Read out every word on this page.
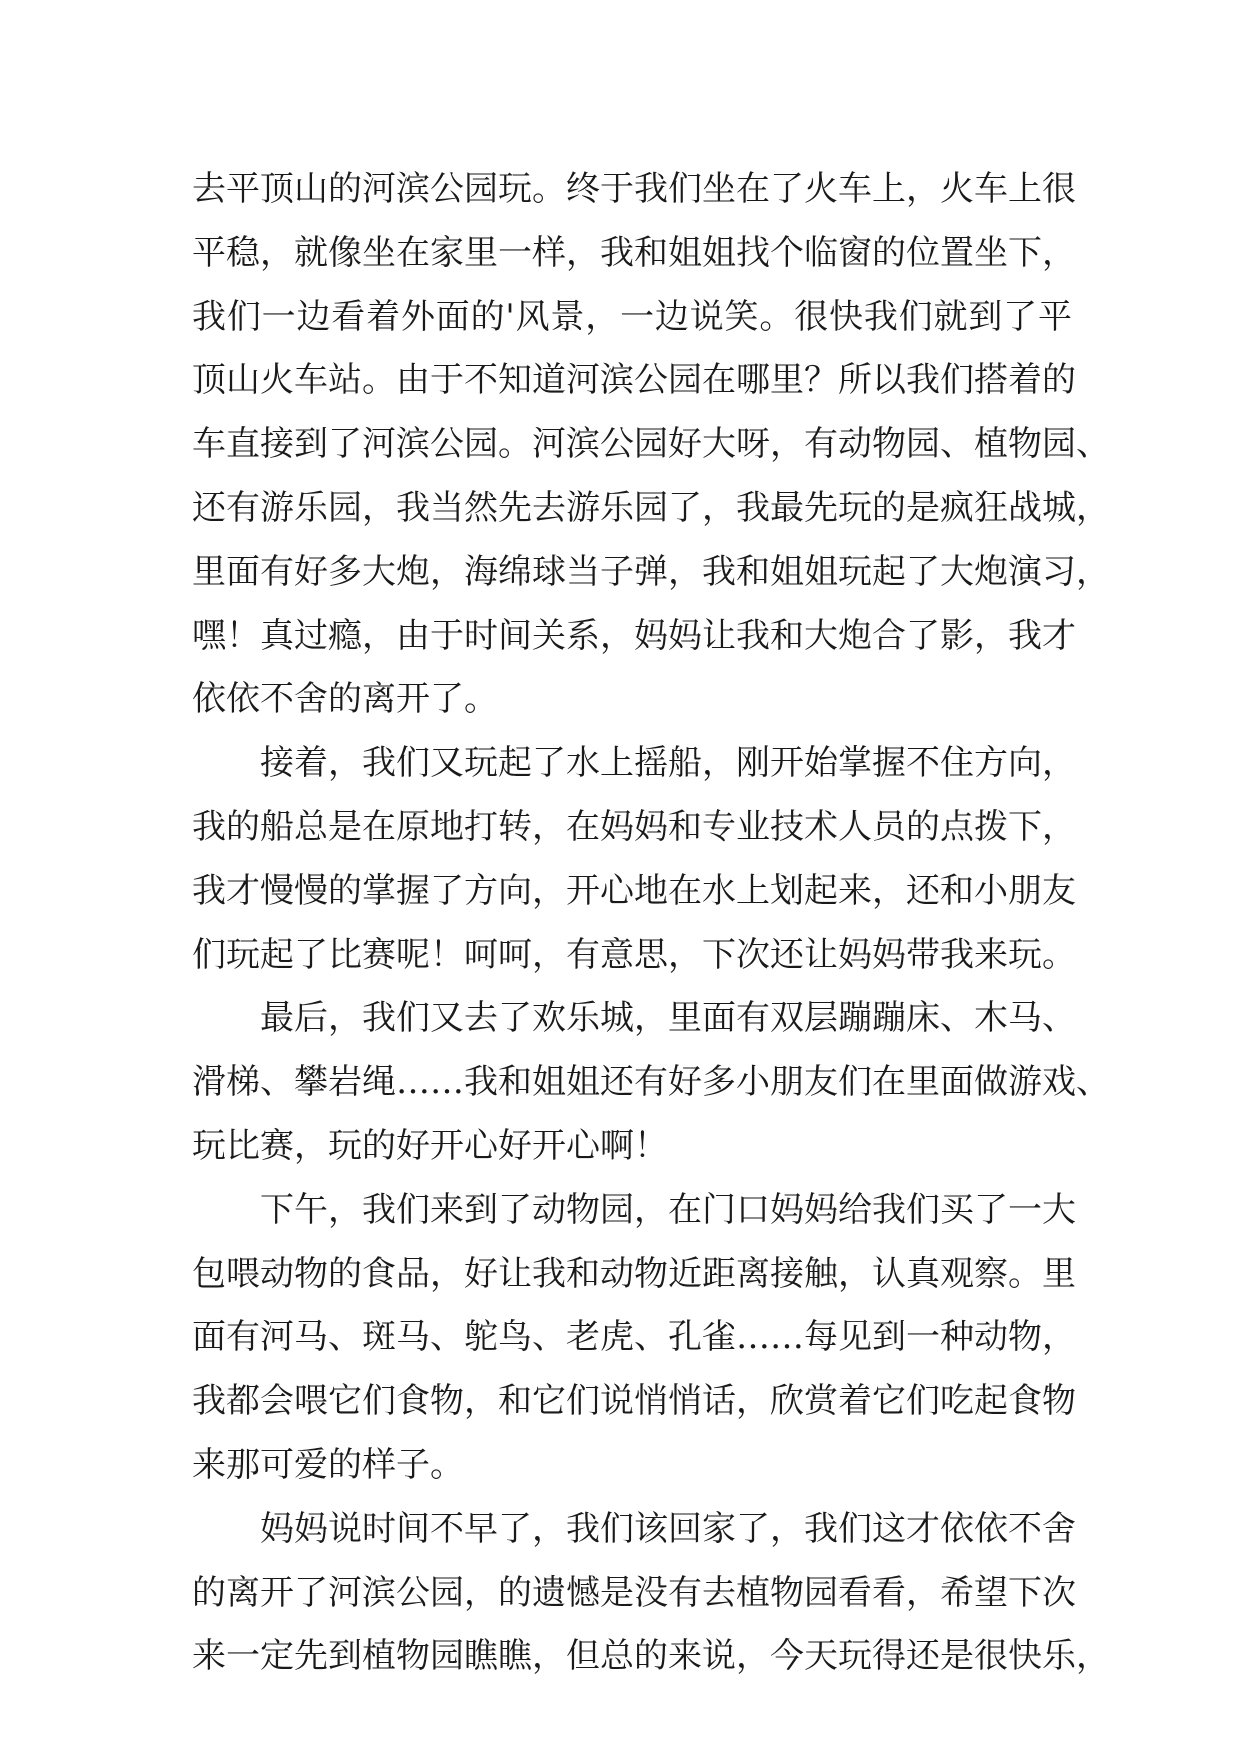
去平顶山的河滨公园玩。终于我们坐在了火车上，火车上很
平稳，就像坐在家里一样，我和姐姐找个临窗的位置坐下，
我们一边看着外面的'风景，一边说笑。很快我们就到了平
顶山火车站。由于不知道河滨公园在哪里？所以我们搭着的
车直接到了河滨公园。河滨公园好大呀，有动物园、植物园、
还有游乐园，我当然先去游乐园了，我最先玩的是疯狂战城，
里面有好多大炮，海绵球当子弹，我和姐姐玩起了大炮演习，
嘿！真过瘾，由于时间关系，妈妈让我和大炮合了影，我才
依依不舍的离开了。
接着，我们又玩起了水上摇船，刚开始掌握不住方向，
我的船总是在原地打转，在妈妈和专业技术人员的点拨下，
我才慢慢的掌握了方向，开心地在水上划起来，还和小朋友
们玩起了比赛呢！呵呵，有意思，下次还让妈妈带我来玩。
最后，我们又去了欢乐城，里面有双层蹦蹦床、木马、
滑梯、攀岩绳……我和姐姐还有好多小朋友们在里面做游戏、
玩比赛，玩的好开心好开心啊！
下午，我们来到了动物园，在门口妈妈给我们买了一大
包喂动物的食品，好让我和动物近距离接触，认真观察。里
面有河马、斑马、鸵鸟、老虎、孔雀……每见到一种动物，
我都会喂它们食物，和它们说悄悄话，欣赏着它们吃起食物
来那可爱的样子。
妈妈说时间不早了，我们该回家了，我们这才依依不舍
的离开了河滨公园，的遗憾是没有去植物园看看，希望下次
来一定先到植物园瞧瞧，但总的来说，今天玩得还是很快乐，
